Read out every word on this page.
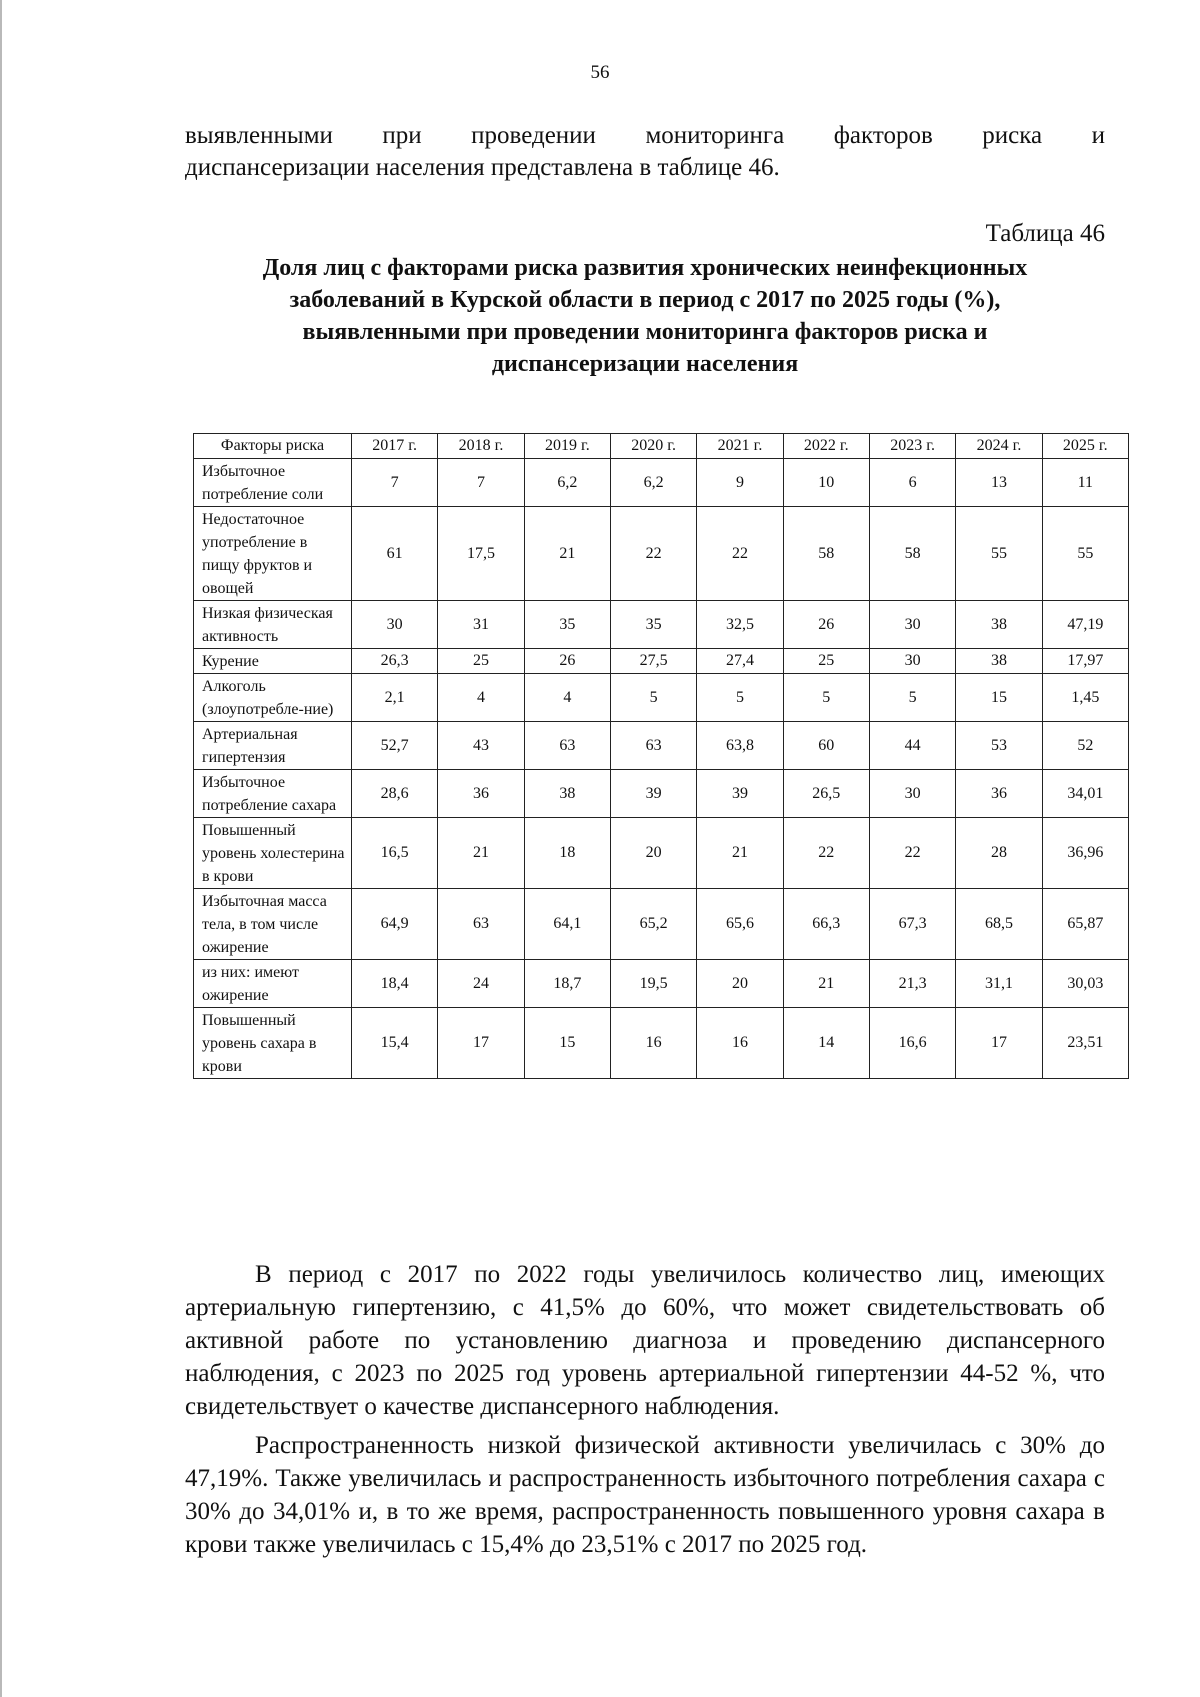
56

выявленными при проведении мониторинга факторов риска и

диспансеризации населения представлена в таблице 46.

Таблица 46
Доля лиц с факторами риска развития хронических неинфекционных
заболеваний в Курской области в период с 2017 по 2025 годы (%),
выявленными при проведении мониторинга факторов риска и
диспансеризации населения
Факторы риска	2017 г.	2018 г.	2019 г.	2020 г.	2021 г.	2022 г.	2023 г.	2024 г.	2025 г.
Избыточное потребление соли	7	7	6,2	6,2	9	10	6	13	11
Недостаточное употребление в пищу фруктов и овощей	61	17,5	21	22	22	58	58	55	55
Низкая физическая активность	30	31	35	35	32,5	26	30	38	47,19
Курение	26,3	25	26	27,5	27,4	25	30	38	17,97
Алкоголь (злоупотребле-ние)	2,1	4	4	5	5	5	5	15	1,45
Артериальная гипертензия	52,7	43	63	63	63,8	60	44	53	52
Избыточное потребление сахара	28,6	36	38	39	39	26,5	30	36	34,01
Повышенный уровень холестерина в крови	16,5	21	18	20	21	22	22	28	36,96
Избыточная масса тела, в том числе ожирение	64,9	63	64,1	65,2	65,6	66,3	67,3	68,5	65,87
из них: имеют ожирение	18,4	24	18,7	19,5	20	21	21,3	31,1	30,03
Повышенный уровень сахара в крови	15,4	17	15	16	16	14	16,6	17	23,51

В период с 2017 по 2022 годы увеличилось количество лиц, имеющих артериальную гипертензию, с 41,5% до 60%, что может свидетельствовать об активной работе по установлению диагноза и проведению диспансерного наблюдения, с 2023 по 2025 год уровень артериальной гипертензии 44-52 %, что свидетельствует о качестве диспансерного наблюдения.

Распространенность низкой физической активности увеличилась с 30% до 47,19%. Также увеличилась и распространенность избыточного потребления сахара с 30% до 34,01% и, в то же время, распространенность повышенного уровня сахара в крови также увеличилась с 15,4% до 23,51% с 2017 по 2025 год.
